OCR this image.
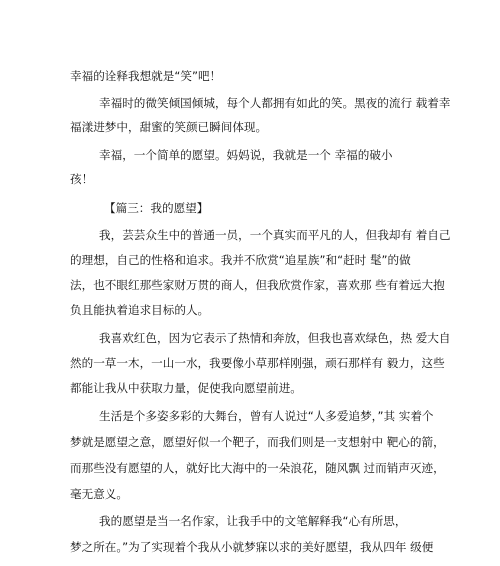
幸福的诠释我想就是“笑”吧！
幸福时的微笑倾国倾城，每个人都拥有如此的笑。黑夜的流行 载着幸
福漾进梦中，甜蜜的笑颜已瞬间体现。
幸福，一个简单的愿望。妈妈说，我就是一个 幸福的破小
孩！
【篇三：我的愿望】
我，芸芸众生中的普通一员，一个真实而平凡的人，但我却有 着自己
的理想，自己的性格和追求。我并不欣赏“追星族”和“赶时 髦”的做
法，也不眼红那些家财万贯的商人，但我欣赏作家，喜欢那 些有着远大抱
负且能执着追求目标的人。
我喜欢红色，因为它表示了热情和奔放，但我也喜欢绿色，热 爱大自
然的一草一木，一山一水，我要像小草那样刚强，顽石那样有 毅力，这些
都能让我从中获取力量，促使我向愿望前进。
生活是个多姿多彩的大舞台，曾有人说过“人多爱追梦，”其 实着个
梦就是愿望之意，愿望好似一个靶子，而我们则是一支想射中 靶心的箭，
而那些没有愿望的人，就好比大海中的一朵浪花，随风飘 过而销声灭迹，
毫无意义。
我的愿望是当一名作家，让我手中的文笔解释我“心有所思，
梦之所在。”为了实现着个我从小就梦寐以求的美好愿望，我从四年 级便
